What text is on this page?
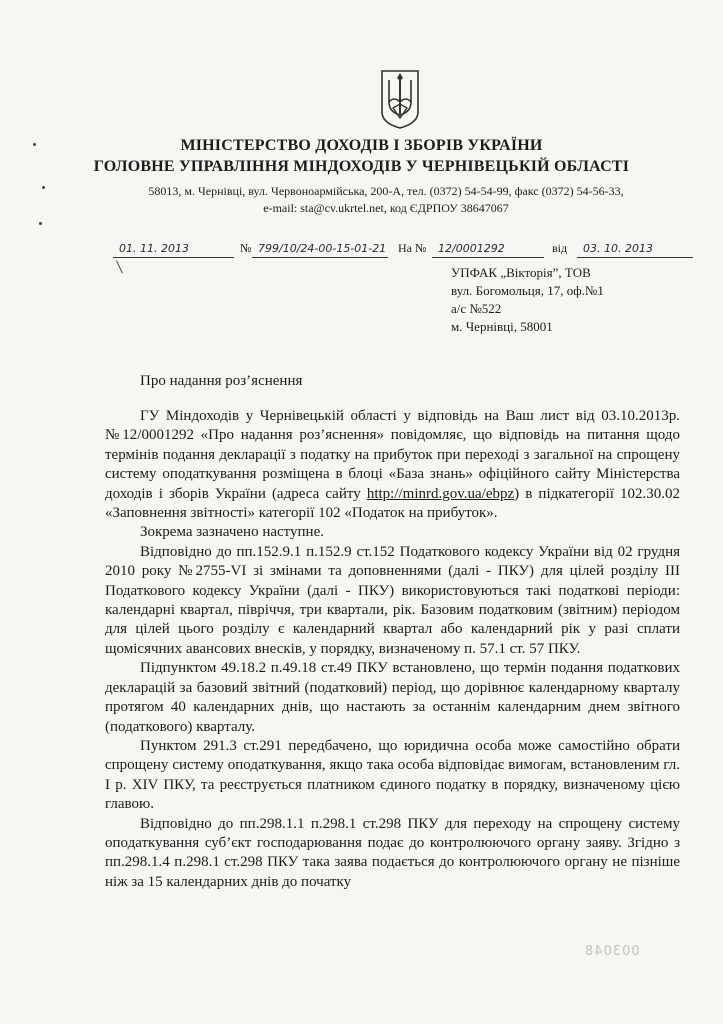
МІНІСТЕРСТВО ДОХОДІВ І ЗБОРІВ УКРАЇНИ
ГОЛОВНЕ УПРАВЛІННЯ МІНДОХОДІВ У ЧЕРНІВЕЦЬКІЙ ОБЛАСТІ
58013, м. Чернівці, вул. Червоноармійська, 200-А, тел. (0372) 54-54-99, факс (0372) 54-56-33,
e-mail: sta@cv.ukrtel.net, код ЄДРПОУ 38647067
01. 11. 2013	№ 799/10/24-00-15-01-21 На №	12/0001292	від	03. 10. 2013
УПФАК „Вікторія”, ТОВ
вул. Богомольця, 17, оф.№1
а/с №522
м. Чернівці, 58001
Про надання роз’яснення

ГУ Міндоходів у Чернівецькій області у відповідь на Ваш лист від 03.10.2013р. №12/0001292 «Про надання роз’яснення» повідомляє, що відповідь на питання щодо термінів подання декларації з податку на прибуток при переході з загальної на спрощену систему оподаткування розміщена в блоці «База знань» офіційного сайту Міністерства доходів і зборів України (адреса сайту http://minrd.gov.ua/ebpz) в підкатегорії 102.30.02 «Заповнення звітності» категорії 102 «Податок на прибуток».

Зокрема зазначено наступне.

Відповідно до пп.152.9.1 п.152.9 ст.152 Податкового кодексу України від 02 грудня 2010 року №2755-VI зі змінами та доповненнями (далі - ПКУ) для цілей розділу III Податкового кодексу України (далі - ПКУ) використовуються такі податкові періоди: календарні квартал, півріччя, три квартали, рік. Базовим податковим (звітним) періодом для цілей цього розділу є календарний квартал або календарний рік у разі сплати щомісячних авансових внесків, у порядку, визначеному п. 57.1 ст. 57 ПКУ.

Підпунктом 49.18.2 п.49.18 ст.49 ПКУ встановлено, що термін подання податкових декларацій за базовий звітний (податковий) період, що дорівнює календарному кварталу протягом 40 календарних днів, що настають за останнім календарним днем звітного (податкового) кварталу.

Пунктом 291.3 ст.291 передбачено, що юридична особа може самостійно обрати спрощену систему оподаткування, якщо така особа відповідає вимогам, встановленим гл. І р. XIV ПКУ, та реєструється платником єдиного податку в порядку, визначеному цією главою.

Відповідно до пп.298.1.1 п.298.1 ст.298 ПКУ для переходу на спрощену систему оподаткування суб’єкт господарювання подає до контролюючого органу заяву. Згідно з пп.298.1.4 п.298.1 ст.298 ПКУ така заява подається до контролюючого органу не пізніше ніж за 15 календарних днів до початку

003048
